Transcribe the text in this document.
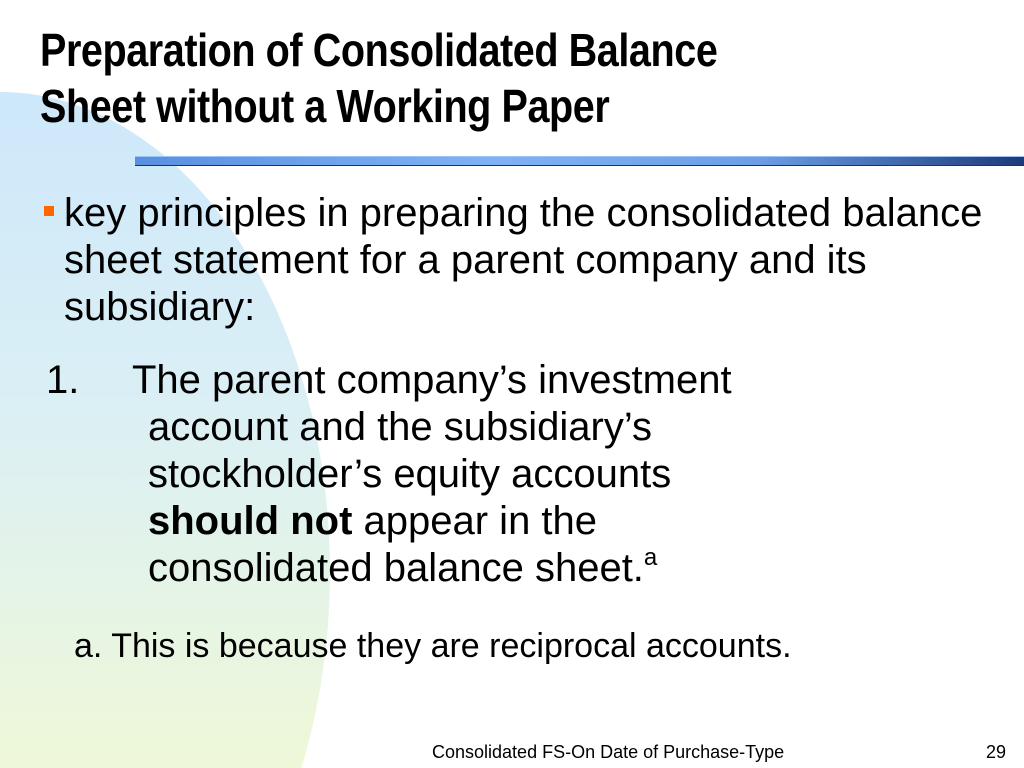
Preparation of Consolidated Balance
Sheet without a Working Paper
key principles in preparing the consolidated balance sheet statement for a parent company and its subsidiary:
1. The parent company’s investment
account and the subsidiary’s
stockholder’s equity accounts
should not appear in the
consolidated balance sheet.$^a$
a. This is because they are reciprocal accounts.
Consolidated FS-On Date of Purchase-Type	29
